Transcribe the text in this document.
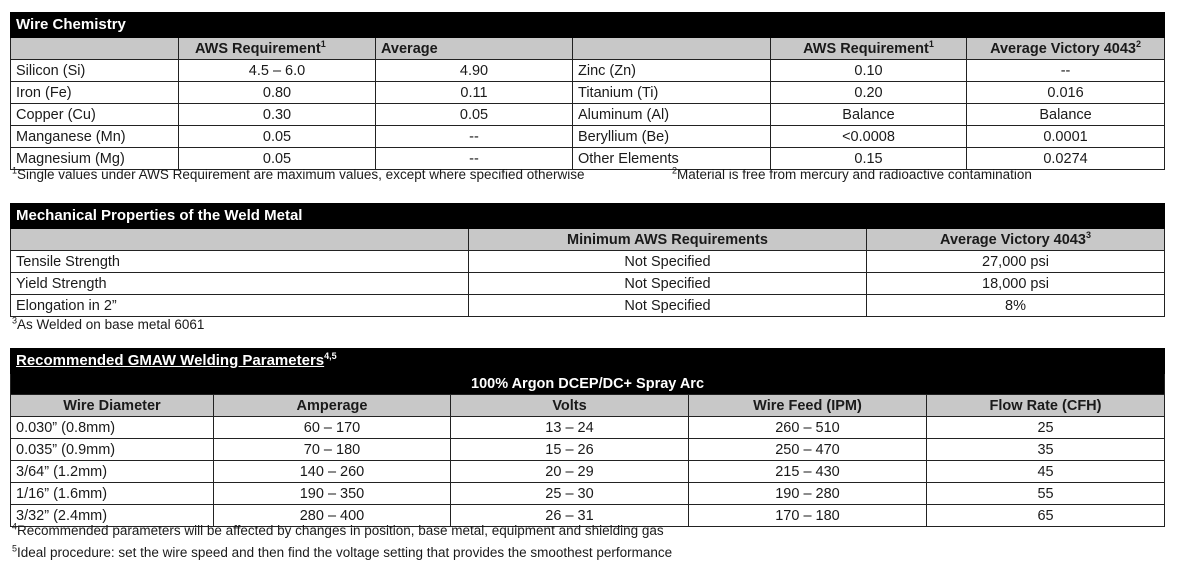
Wire Chemistry					
	AWS Requirement$^1$	Average		AWS Requirement$^1$	Average Victory 4043$^2$
Silicon (Si)	4.5 – 6.0	4.90	Zinc (Zn)	0.10	--
Iron (Fe)	0.80	0.11	Titanium (Ti)	0.20	0.016
Copper (Cu)	0.30	0.05	Aluminum (Al)	Balance	Balance
Manganese (Mn)	0.05	--	Beryllium (Be)	<0.0008	0.0001
Magnesium (Mg)	0.05	--	Other Elements	0.15	0.0274
$^1$Single values under AWS Requirement are maximum values, except where specified otherwise	$^2$Material is free from mercury and radioactive contamination
Mechanical Properties of the Weld Metal		
	Minimum AWS Requirements	Average Victory 4043$^3$
Tensile Strength	Not Specified	27,000 psi
Yield Strength	Not Specified	18,000 psi
Elongation in 2”	Not Specified	8%
$^3$As Welded on base metal 6061
Recommended GMAW Welding Parameters$^{4,5}$
100% Argon DCEP/DC+ Spray Arc				
Wire Diameter	Amperage	Volts	Wire Feed (IPM)	Flow Rate (CFH)
0.030” (0.8mm)	60 – 170	13 – 24	260 – 510	25
0.035” (0.9mm)	70 – 180	15 – 26	250 – 470	35
3/64” (1.2mm)	140 – 260	20 – 29	215 – 430	45
1/16” (1.6mm)	190 – 350	25 – 30	190 – 280	55
3/32” (2.4mm)	280 – 400	26 – 31	170 – 180	65
$^4$Recommended parameters will be affected by changes in position, base metal, equipment and shielding gas
$^5$Ideal procedure: set the wire speed and then find the voltage setting that provides the smoothest performance
